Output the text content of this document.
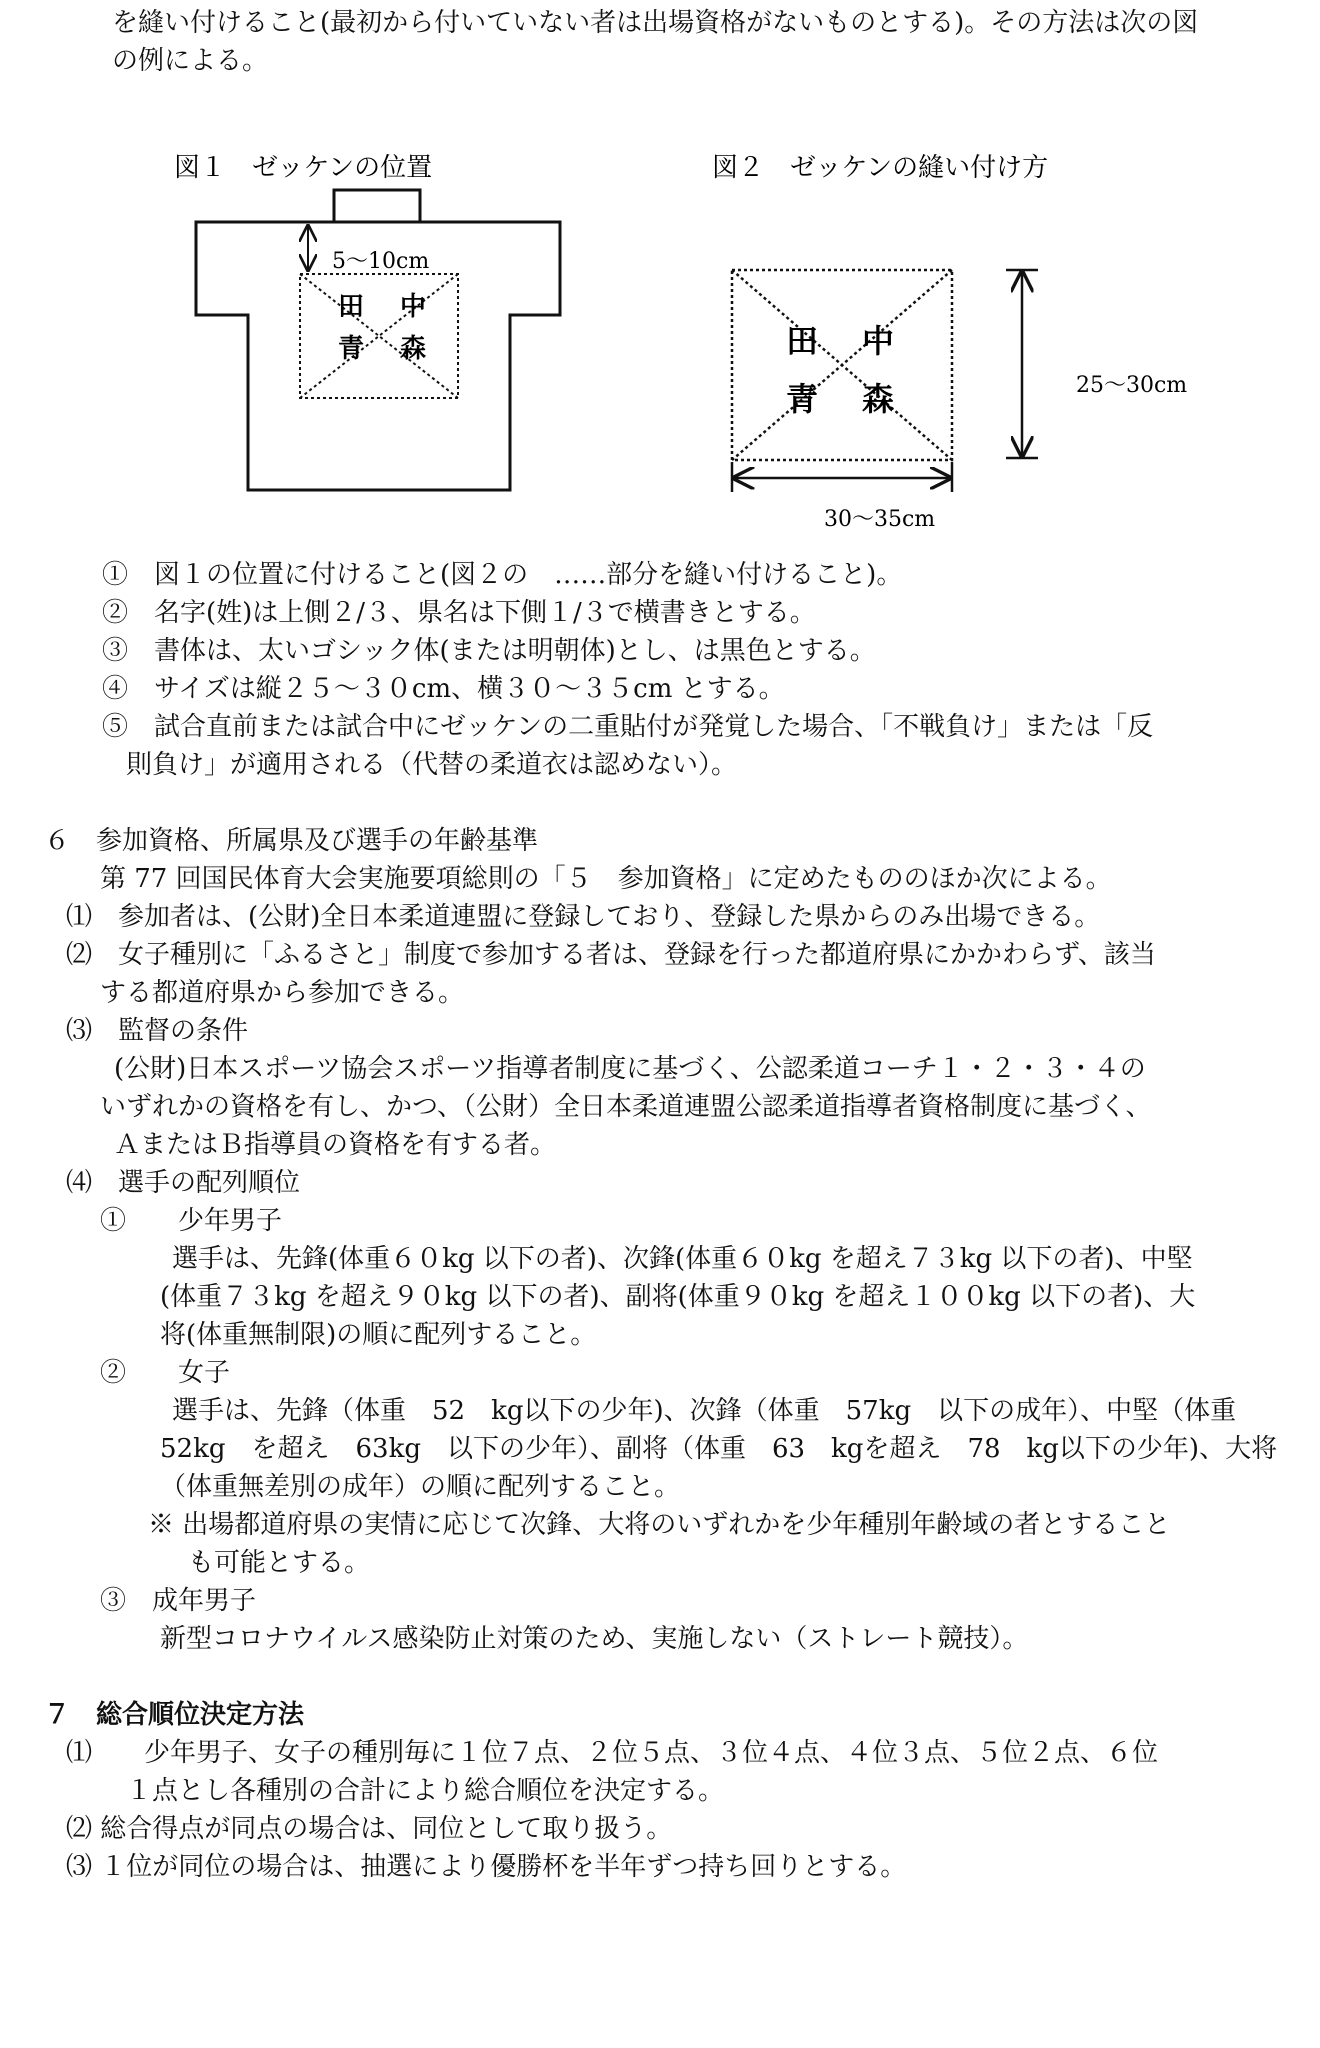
を縫い付けること(最初から付いていない者は出場資格がないものとする)。その方法は次の図
の例による。
図１　ゼッケンの位置
5〜10cm
田 中
青 森
図２　ゼッケンの縫い付け方
田 中
青 森	25〜30cm
30〜35cm
①　図１の位置に付けること(図２の　‥‥‥部分を縫い付けること)。
②　名字(姓)は上側２/３、県名は下側１/３で横書きとする。
③　書体は、太いゴシック体(または明朝体)とし、は黒色とする。
④　サイズは縦２５〜３０cm、横３０〜３５cm とする。
⑤　試合直前または試合中にゼッケンの二重貼付が発覚した場合、「不戦負け」または「反
則負け」が適用される（代替の柔道衣は認めない）。
６　参加資格、所属県及び選手の年齢基準
第 77 回国民体育大会実施要項総則の「５　参加資格」に定めたもののほか次による。
⑴　参加者は、(公財)全日本柔道連盟に登録しており、登録した県からのみ出場できる。
⑵　女子種別に「ふるさと」制度で参加する者は、登録を行った都道府県にかかわらず、該当
する都道府県から参加できる。
⑶　監督の条件
(公財)日本スポーツ協会スポーツ指導者制度に基づく、公認柔道コーチ１・２・３・４の
いずれかの資格を有し、かつ、（公財）全日本柔道連盟公認柔道指導者資格制度に基づく、
ＡまたはＢ指導員の資格を有する者。
⑷　選手の配列順位
①　　少年男子
選手は、先鋒(体重６０kg 以下の者)、次鋒(体重６０kg を超え７３kg 以下の者)、中堅
(体重７３kg を超え９０kg 以下の者)、副将(体重９０kg を超え１００kg 以下の者)、大
将(体重無制限)の順に配列すること。
②　　女子
選手は、先鋒（体重　52　kg以下の少年)、次鋒（体重　57kg　以下の成年）、中堅（体重
52kg　を超え　63kg　以下の少年）、副将（体重　63　kgを超え　78　kg以下の少年)、大将
（体重無差別の成年）の順に配列すること。
※ 出場都道府県の実情に応じて次鋒、大将のいずれかを少年種別年齢域の者とすること
も可能とする。
③　成年男子
新型コロナウイルス感染防止対策のため、実施しない（ストレート競技）。
７　総合順位決定方法
⑴　　少年男子、女子の種別毎に１位７点、２位５点、３位４点、４位３点、５位２点、６位
１点とし各種別の合計により総合順位を決定する。
⑵ 総合得点が同点の場合は、同位として取り扱う。
⑶ １位が同位の場合は、抽選により優勝杯を半年ずつ持ち回りとする。
